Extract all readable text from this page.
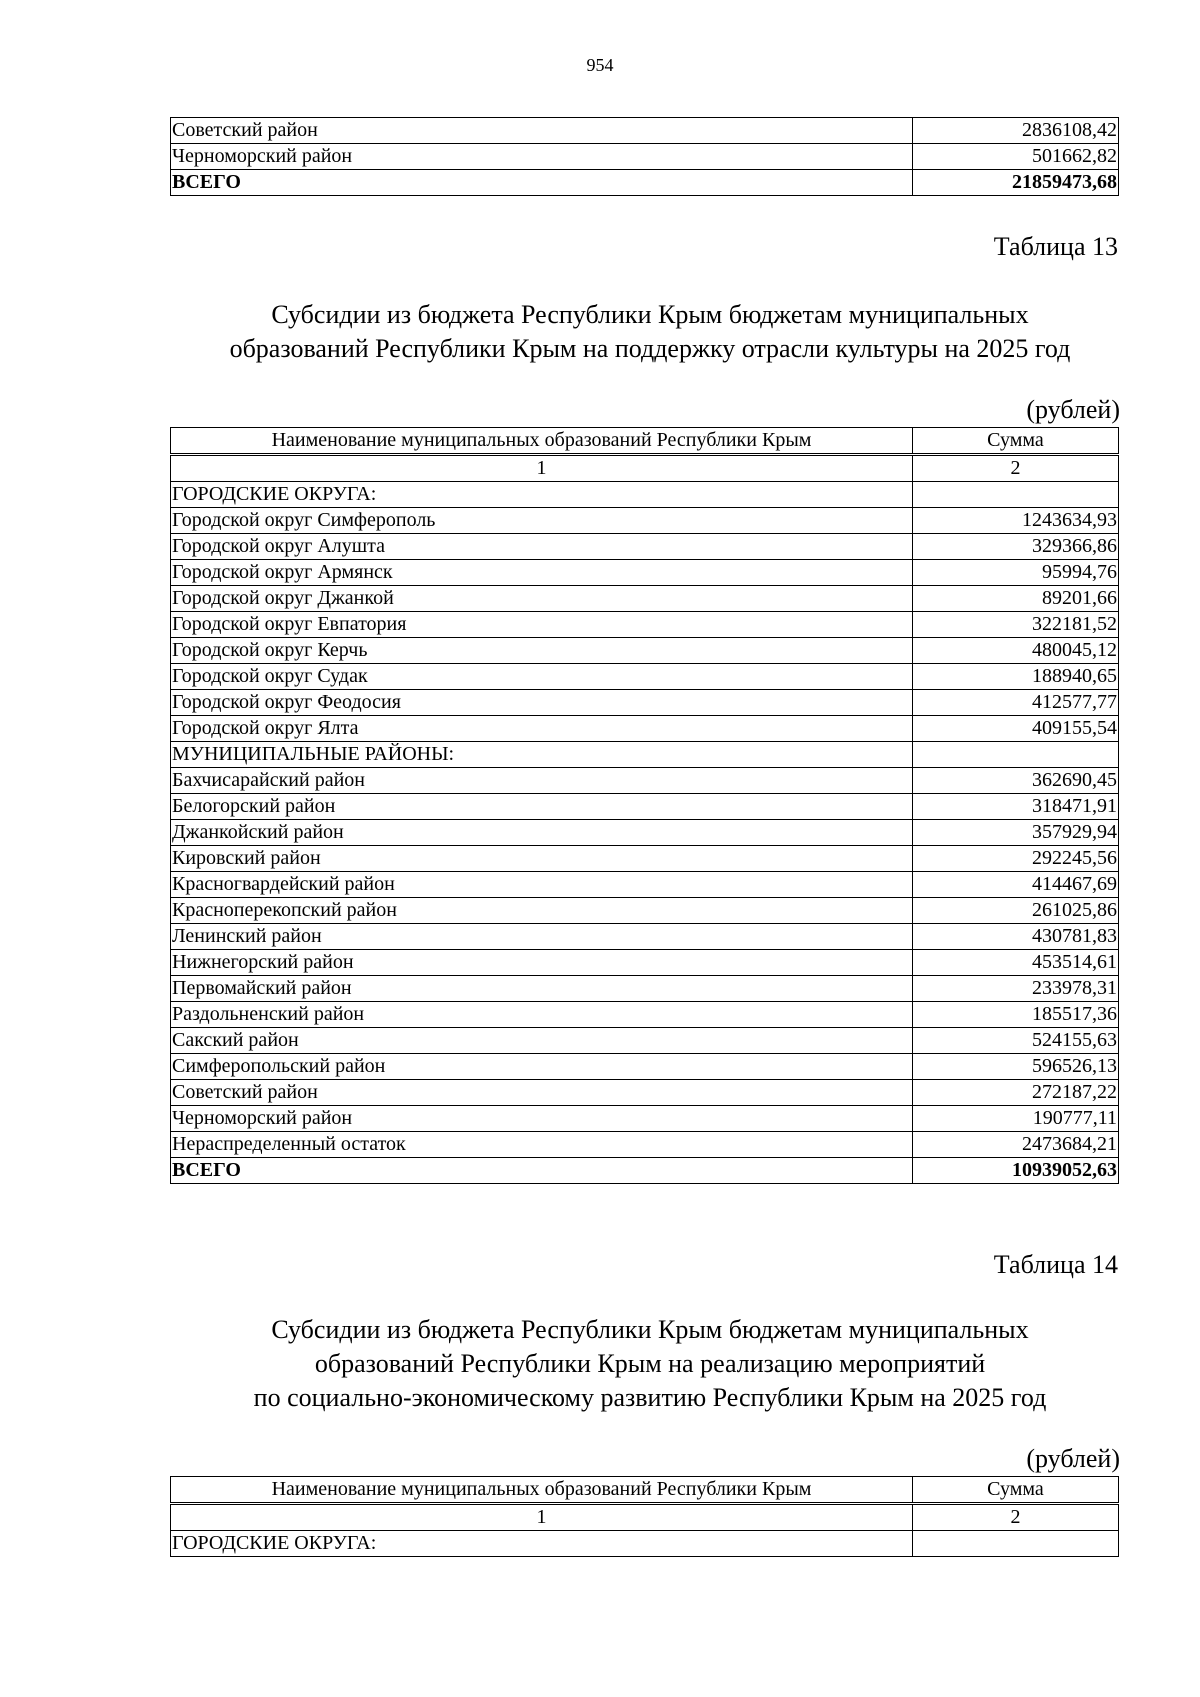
954
Советский район	2836108,42
Черноморский район	501662,82
ВСЕГО	21859473,68
Таблица 13
Субсидии из бюджета Республики Крым бюджетам муниципальных
образований Республики Крым на поддержку отрасли культуры на 2025 год
(рублей)
Наименование муниципальных образований Республики Крым	Сумма

1	2
ГОРОДСКИЕ ОКРУГА:	
Городской округ Симферополь	1243634,93
Городской округ Алушта	329366,86
Городской округ Армянск	95994,76
Городской округ Джанкой	89201,66
Городской округ Евпатория	322181,52
Городской округ Керчь	480045,12
Городской округ Судак	188940,65
Городской округ Феодосия	412577,77
Городской округ Ялта	409155,54
МУНИЦИПАЛЬНЫЕ РАЙОНЫ:	
Бахчисарайский район	362690,45
Белогорский район	318471,91
Джанкойский район	357929,94
Кировский район	292245,56
Красногвардейский район	414467,69
Красноперекопский район	261025,86
Ленинский район	430781,83
Нижнегорский район	453514,61
Первомайский район	233978,31
Раздольненский район	185517,36
Сакский район	524155,63
Симферопольский район	596526,13
Советский район	272187,22
Черноморский район	190777,11
Нераспределенный остаток	2473684,21
ВСЕГО	10939052,63
Таблица 14
Субсидии из бюджета Республики Крым бюджетам муниципальных
образований Республики Крым на реализацию мероприятий
по социально-экономическому развитию Республики Крым на 2025 год
(рублей)
Наименование муниципальных образований Республики Крым	Сумма

1	2
ГОРОДСКИЕ ОКРУГА:	
